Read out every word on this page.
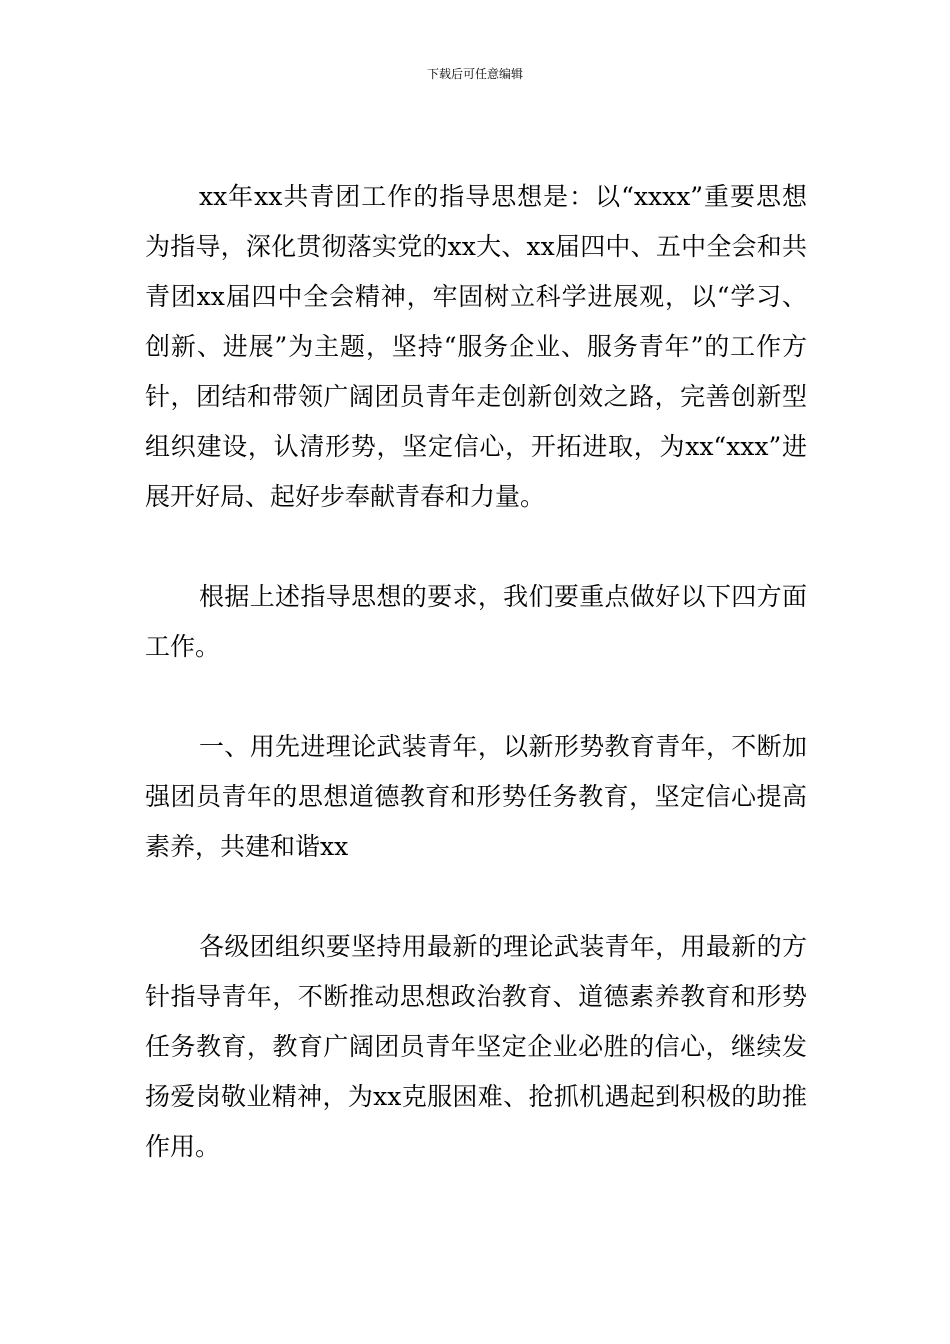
下载后可任意编辑

xx年xx共青团工作的指导思想是：以“xxxx”重要思想为指导，深化贯彻落实党的xx大、xx届四中、五中全会和共青团xx届四中全会精神，牢固树立科学进展观，以“学习、创新、进展”为主题，坚持“服务企业、服务青年”的工作方针，团结和带领广阔团员青年走创新创效之路，完善创新型组织建设，认清形势，坚定信心，开拓进取，为xx“xxx”进展开好局、起好步奉献青春和力量。

根据上述指导思想的要求，我们要重点做好以下四方面工作。

一、用先进理论武装青年，以新形势教育青年，不断加强团员青年的思想道德教育和形势任务教育，坚定信心提高素养，共建和谐xx

各级团组织要坚持用最新的理论武装青年，用最新的方针指导青年，不断推动思想政治教育、道德素养教育和形势任务教育，教育广阔团员青年坚定企业必胜的信心，继续发扬爱岗敬业精神，为xx克服困难、抢抓机遇起到积极的助推作用。
